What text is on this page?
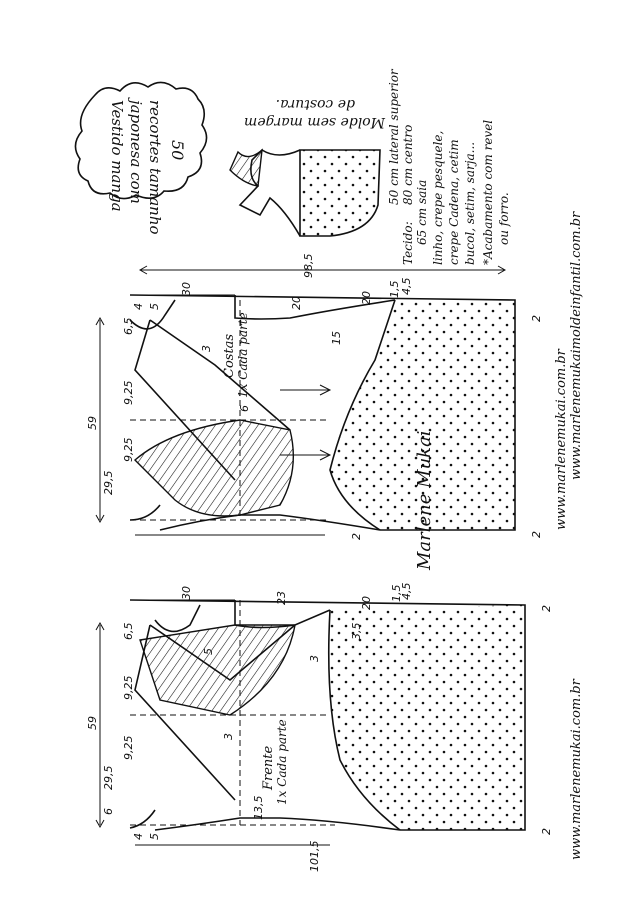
Vestido manga japonesa com recortes tamanho 50
Molde sem margem
de costura.
Tecido:
50 cm lateral superior 80 cm centro
65 cm saia linho, crepe pesquele, crepe Cadena, cetim bucol, setim, sarja... *Acabamento com revel ou forro.
Costas 1x Cada parte
30
20
59
29,5
9,25
9,25
6
6,5
4 5
4,5
2
2
15
20
98,5
1,5
3
2	Marlene Mukai
Frente 1x Cada parte
30	23	20
59
29,5
9,25
9,25
6
6,5
4 5
4,5
2
2
3
5
3,5
13,5
101,5
1,5
3
www.marlenemukai.com.br www.marlenemukaimoldeinfantil.com.br
www.marlenemukai.com.br
